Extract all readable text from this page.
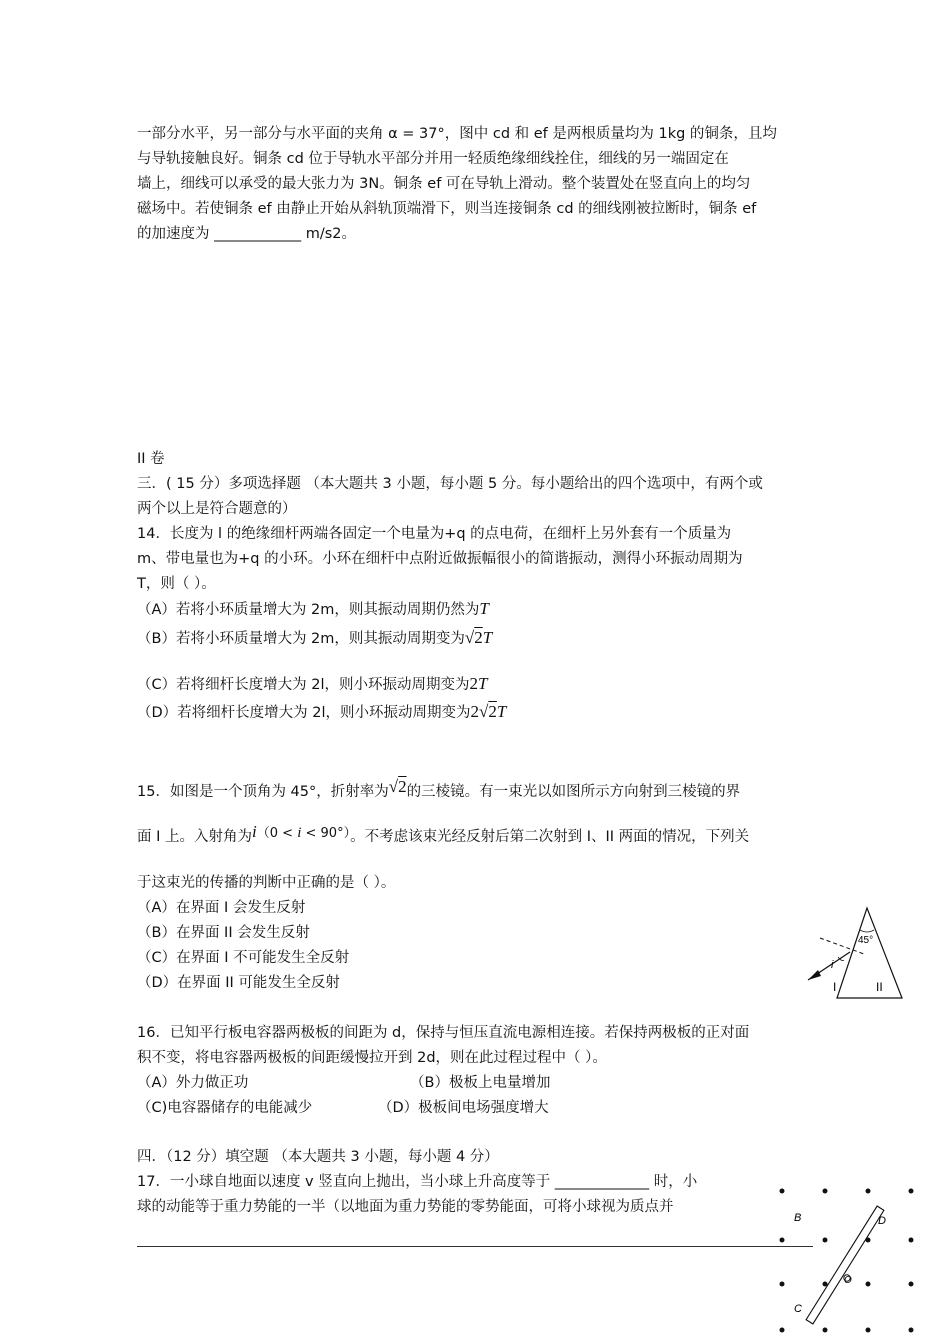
一部分水平，另一部分与水平面的夹角 α = 37°，图中 cd 和 ef 是两根质量均为 1kg 的铜条，且均
与导轨接触良好。铜条 cd 位于导轨水平部分并用一轻质绝缘细线拴住，细线的另一端固定在
墙上，细线可以承受的最大张力为 3N。铜条 ef 可在导轨上滑动。整个装置处在竖直向上的均匀
磁场中。若使铜条 ef 由静止开始从斜轨顶端滑下，则当连接铜条 cd 的细线刚被拉断时，铜条 ef
的加速度为 ____________ m/s2。
II 卷
三．( 15 分）多项选择题 （本大题共 3 小题，每小题 5 分。每小题给出的四个选项中，有两个或
两个以上是符合题意的）
14．长度为 l 的绝缘细杆两端各固定一个电量为+q 的点电荷，在细杆上另外套有一个质量为
m、带电量也为+q 的小环。小环在细杆中点附近做振幅很小的简谐振动，测得小环振动周期为
T，则（ ）。
（A）若将小环质量增大为 2m，则其振动周期仍然为T
（B）若将小环质量增大为 2m，则其振动周期变为√2T
（C）若将细杆长度增大为 2l，则小环振动周期变为2T
（D）若将细杆长度增大为 2l，则小环振动周期变为2√2T
15．如图是一个顶角为 45°，折射率为√2的三棱镜。有一束光以如图所示方向射到三棱镜的界
面 I 上。入射角为i（0 < i < 90°）。不考虑该束光经反射后第二次射到 I、II 两面的情况，下列关
于这束光的传播的判断中正确的是（ ）。
（A）在界面 I 会发生反射
（B）在界面 II 会发生反射
（C）在界面 I 不可能发生全反射
（D）在界面 II 可能发生全反射
45°
i
I	II
16．已知平行板电容器两极板的间距为 d，保持与恒压直流电源相连接。若保持两极板的正对面
积不变，将电容器两极板的间距缓慢拉开到 2d，则在此过程过程中（ ）。
（A）外力做正功	（B）极板上电量增加
（C)电容器储存的电能减少	（D）极板间电场强度增大
四．（12 分）填空题 （本大题共 3 小题，每小题 4 分）
17．一小球自地面以速度 v 竖直向上抛出，当小球上升高度等于 _____________ 时，小
球的动能等于重力势能的一半（以地面为重力势能的零势能面，可将小球视为质点并
B	D
O
C
